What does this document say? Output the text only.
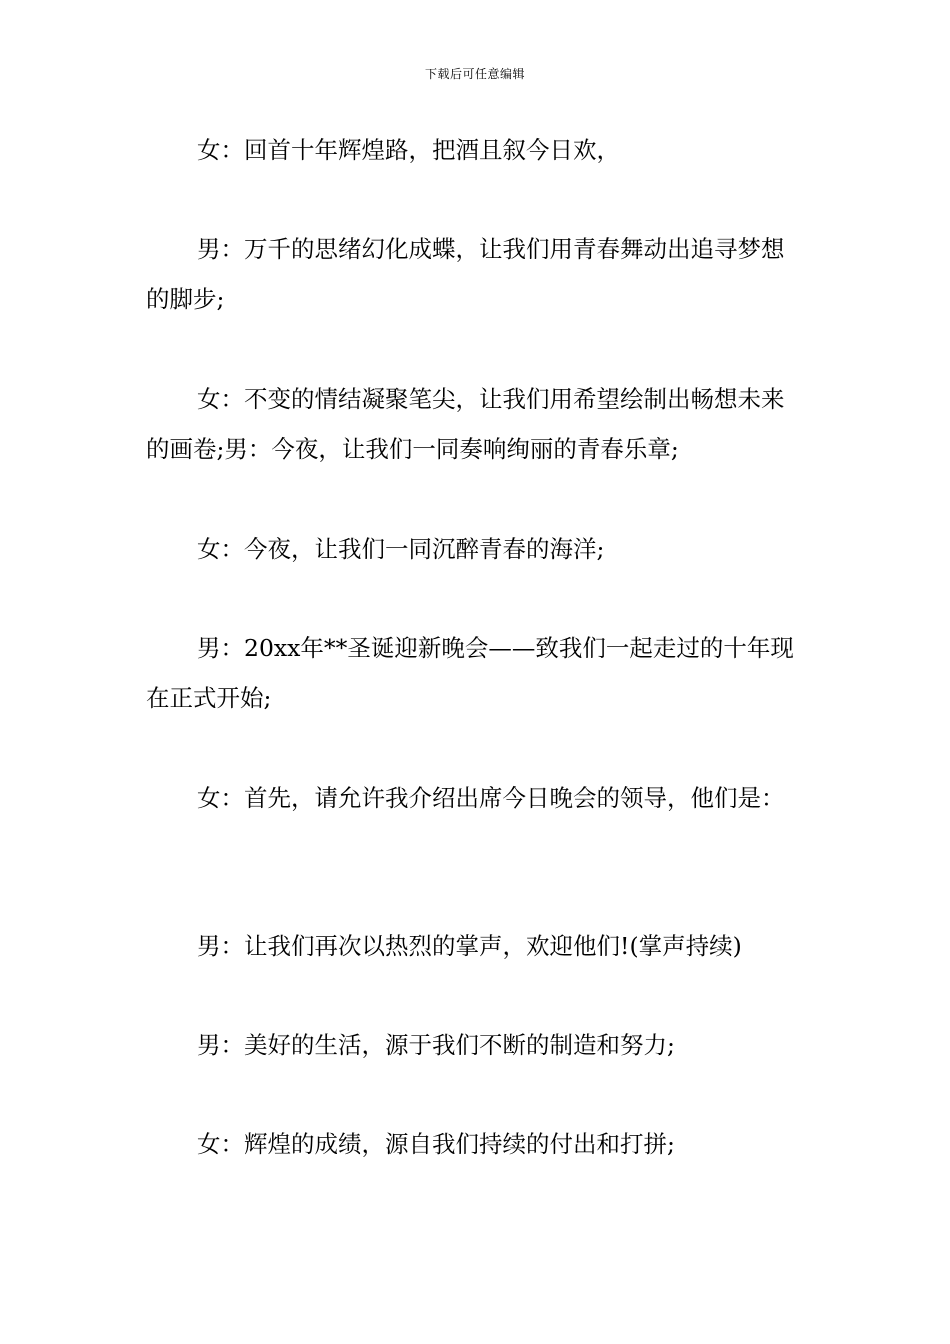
下载后可任意编辑

女：回首十年辉煌路，把酒且叙今日欢，

男：万千的思绪幻化成蝶，让我们用青春舞动出追寻梦想的脚步;

女：不变的情结凝聚笔尖，让我们用希望绘制出畅想未来的画卷;男：今夜，让我们一同奏响绚丽的青春乐章;

女：今夜，让我们一同沉醉青春的海洋;

男：20xx年**圣诞迎新晚会——致我们一起走过的十年现在正式开始;

女：首先，请允许我介绍出席今日晚会的领导，他们是：

男：让我们再次以热烈的掌声，欢迎他们!(掌声持续)

男：美好的生活，源于我们不断的制造和努力;

女：辉煌的成绩，源自我们持续的付出和打拼;
